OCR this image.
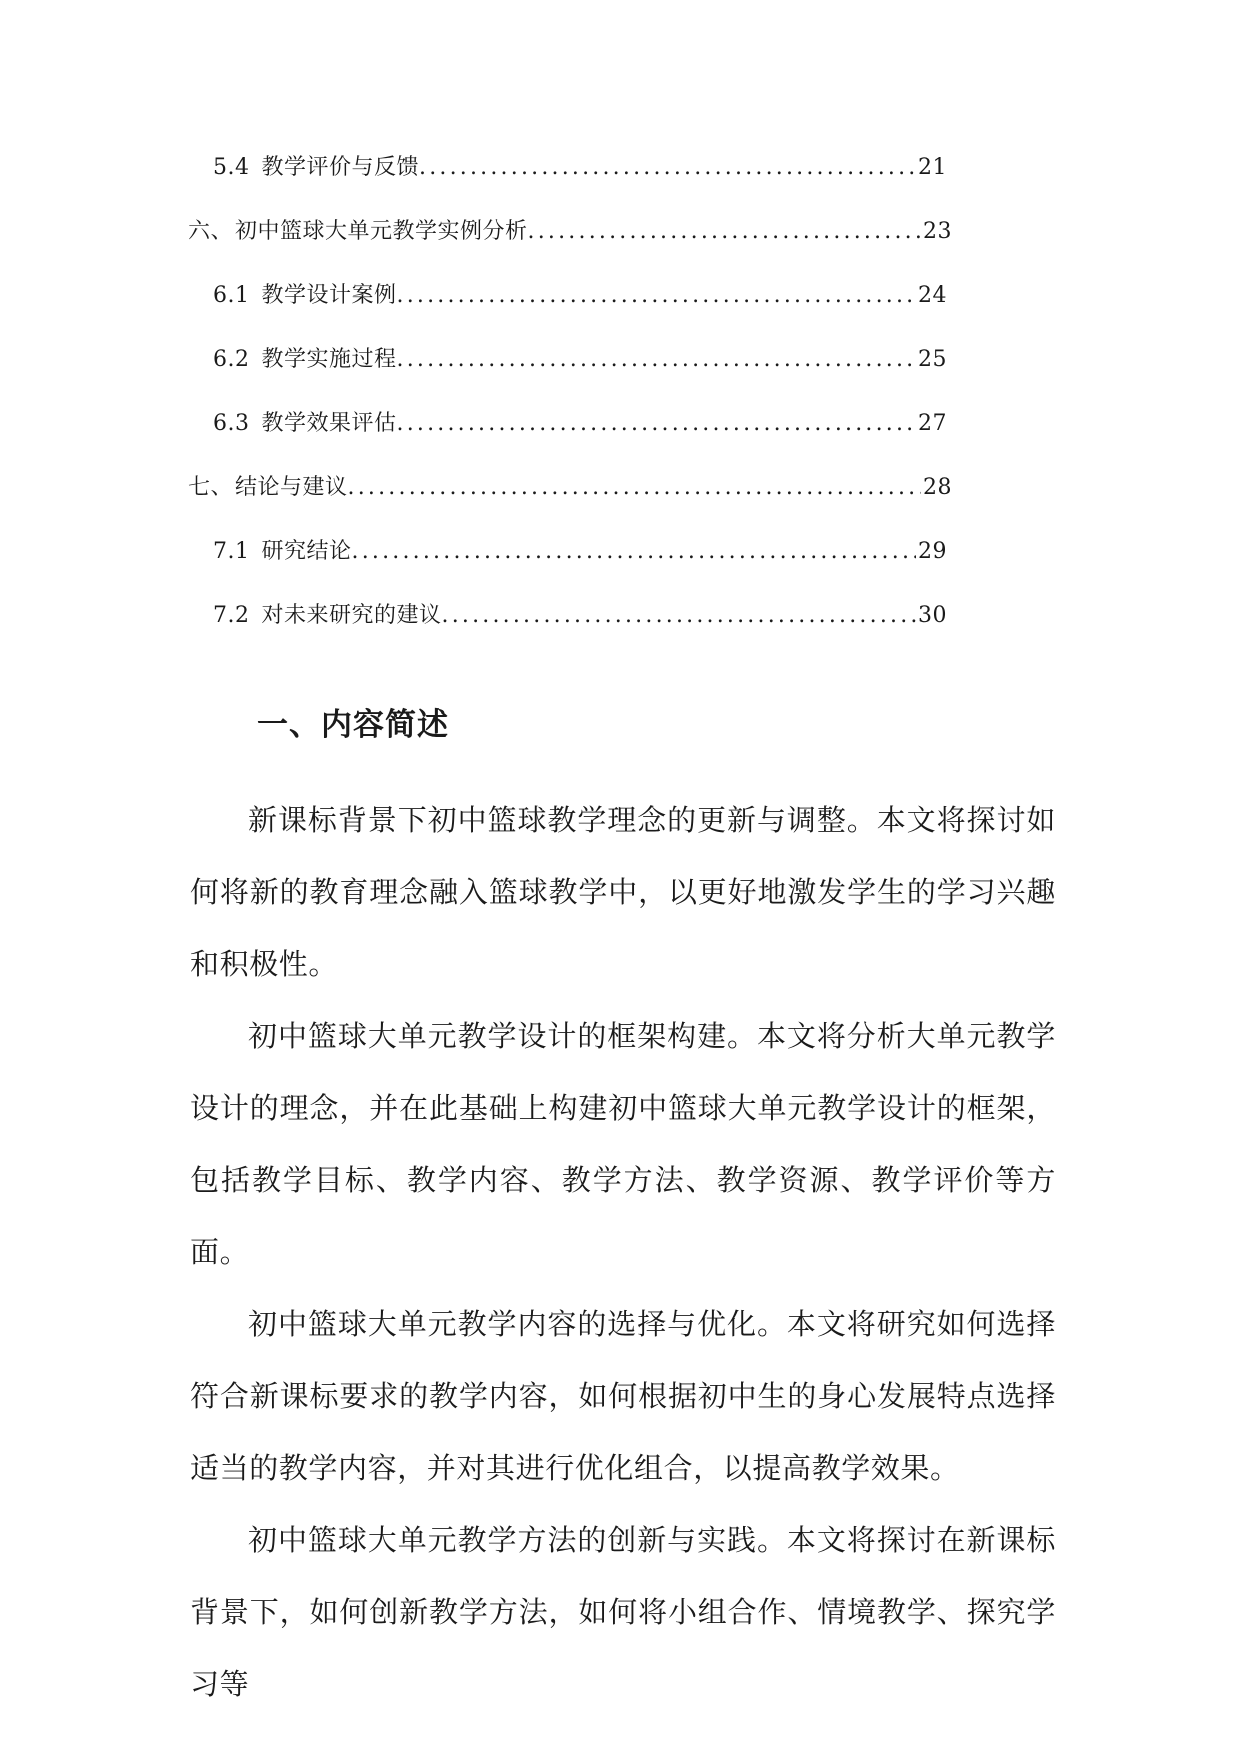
5.4 教学评价与反馈 .....	21
六、 初中篮球大单元教学实例分析 .....	23
6.1 教学设计案例 .....	24
6.2 教学实施过程 .....	25
6.3 教学效果评估 .....	27
七、 结论与建议 .....	28
7.1 研究结论 .....	29
7.2 对未来研究的建议 .....	30
一、内容简述

新课标背景下初中篮球教学理念的更新与调整。本文将探讨如何将新的教育理念融入篮球教学中，以更好地激发学生的学习兴趣和积极性。

初中篮球大单元教学设计的框架构建。本文将分析大单元教学设计的理念，并在此基础上构建初中篮球大单元教学设计的框架，包括教学目标、教学内容、教学方法、教学资源、教学评价等方面。

初中篮球大单元教学内容的选择与优化。本文将研究如何选择符合新课标要求的教学内容，如何根据初中生的身心发展特点选择适当的教学内容，并对其进行优化组合，以提高教学效果。

初中篮球大单元教学方法的创新与实践。本文将探讨在新课标背景下，如何创新教学方法，如何将小组合作、情境教学、探究学习等
